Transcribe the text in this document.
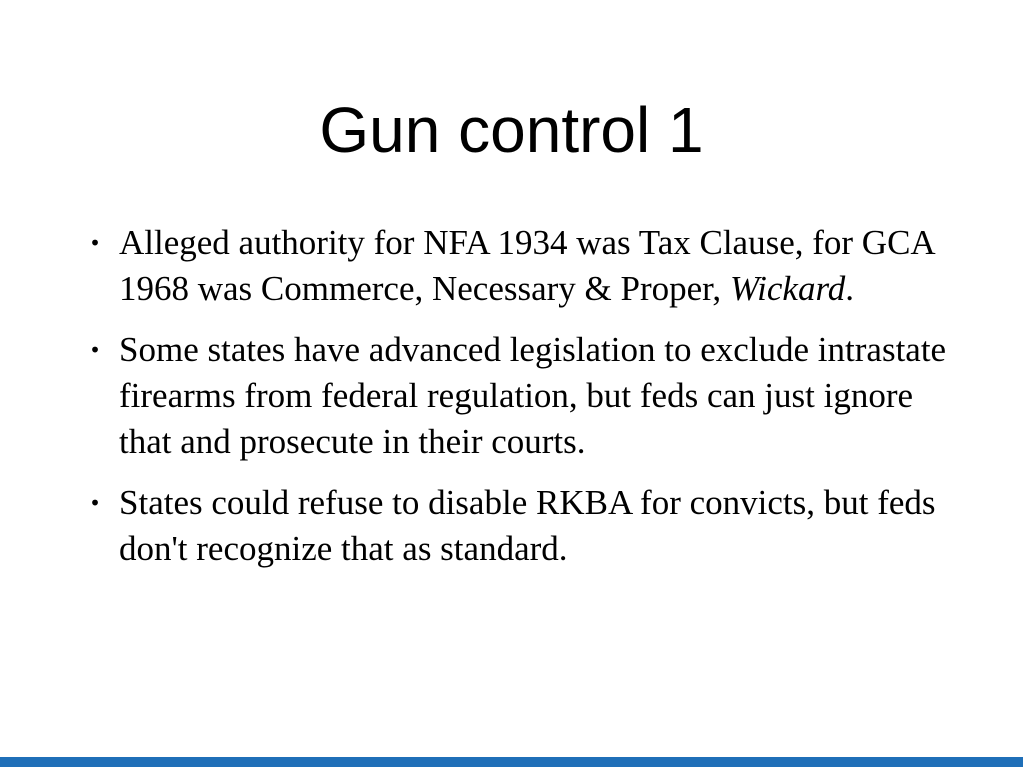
Gun control 1
• Alleged authority for NFA 1934 was Tax Clause, for GCA 1968 was Commerce, Necessary & Proper, Wickard.
• Some states have advanced legislation to exclude intrastate firearms from federal regulation, but feds can just ignore that and prosecute in their courts.
• States could refuse to disable RKBA for convicts, but feds don't recognize that as standard.
